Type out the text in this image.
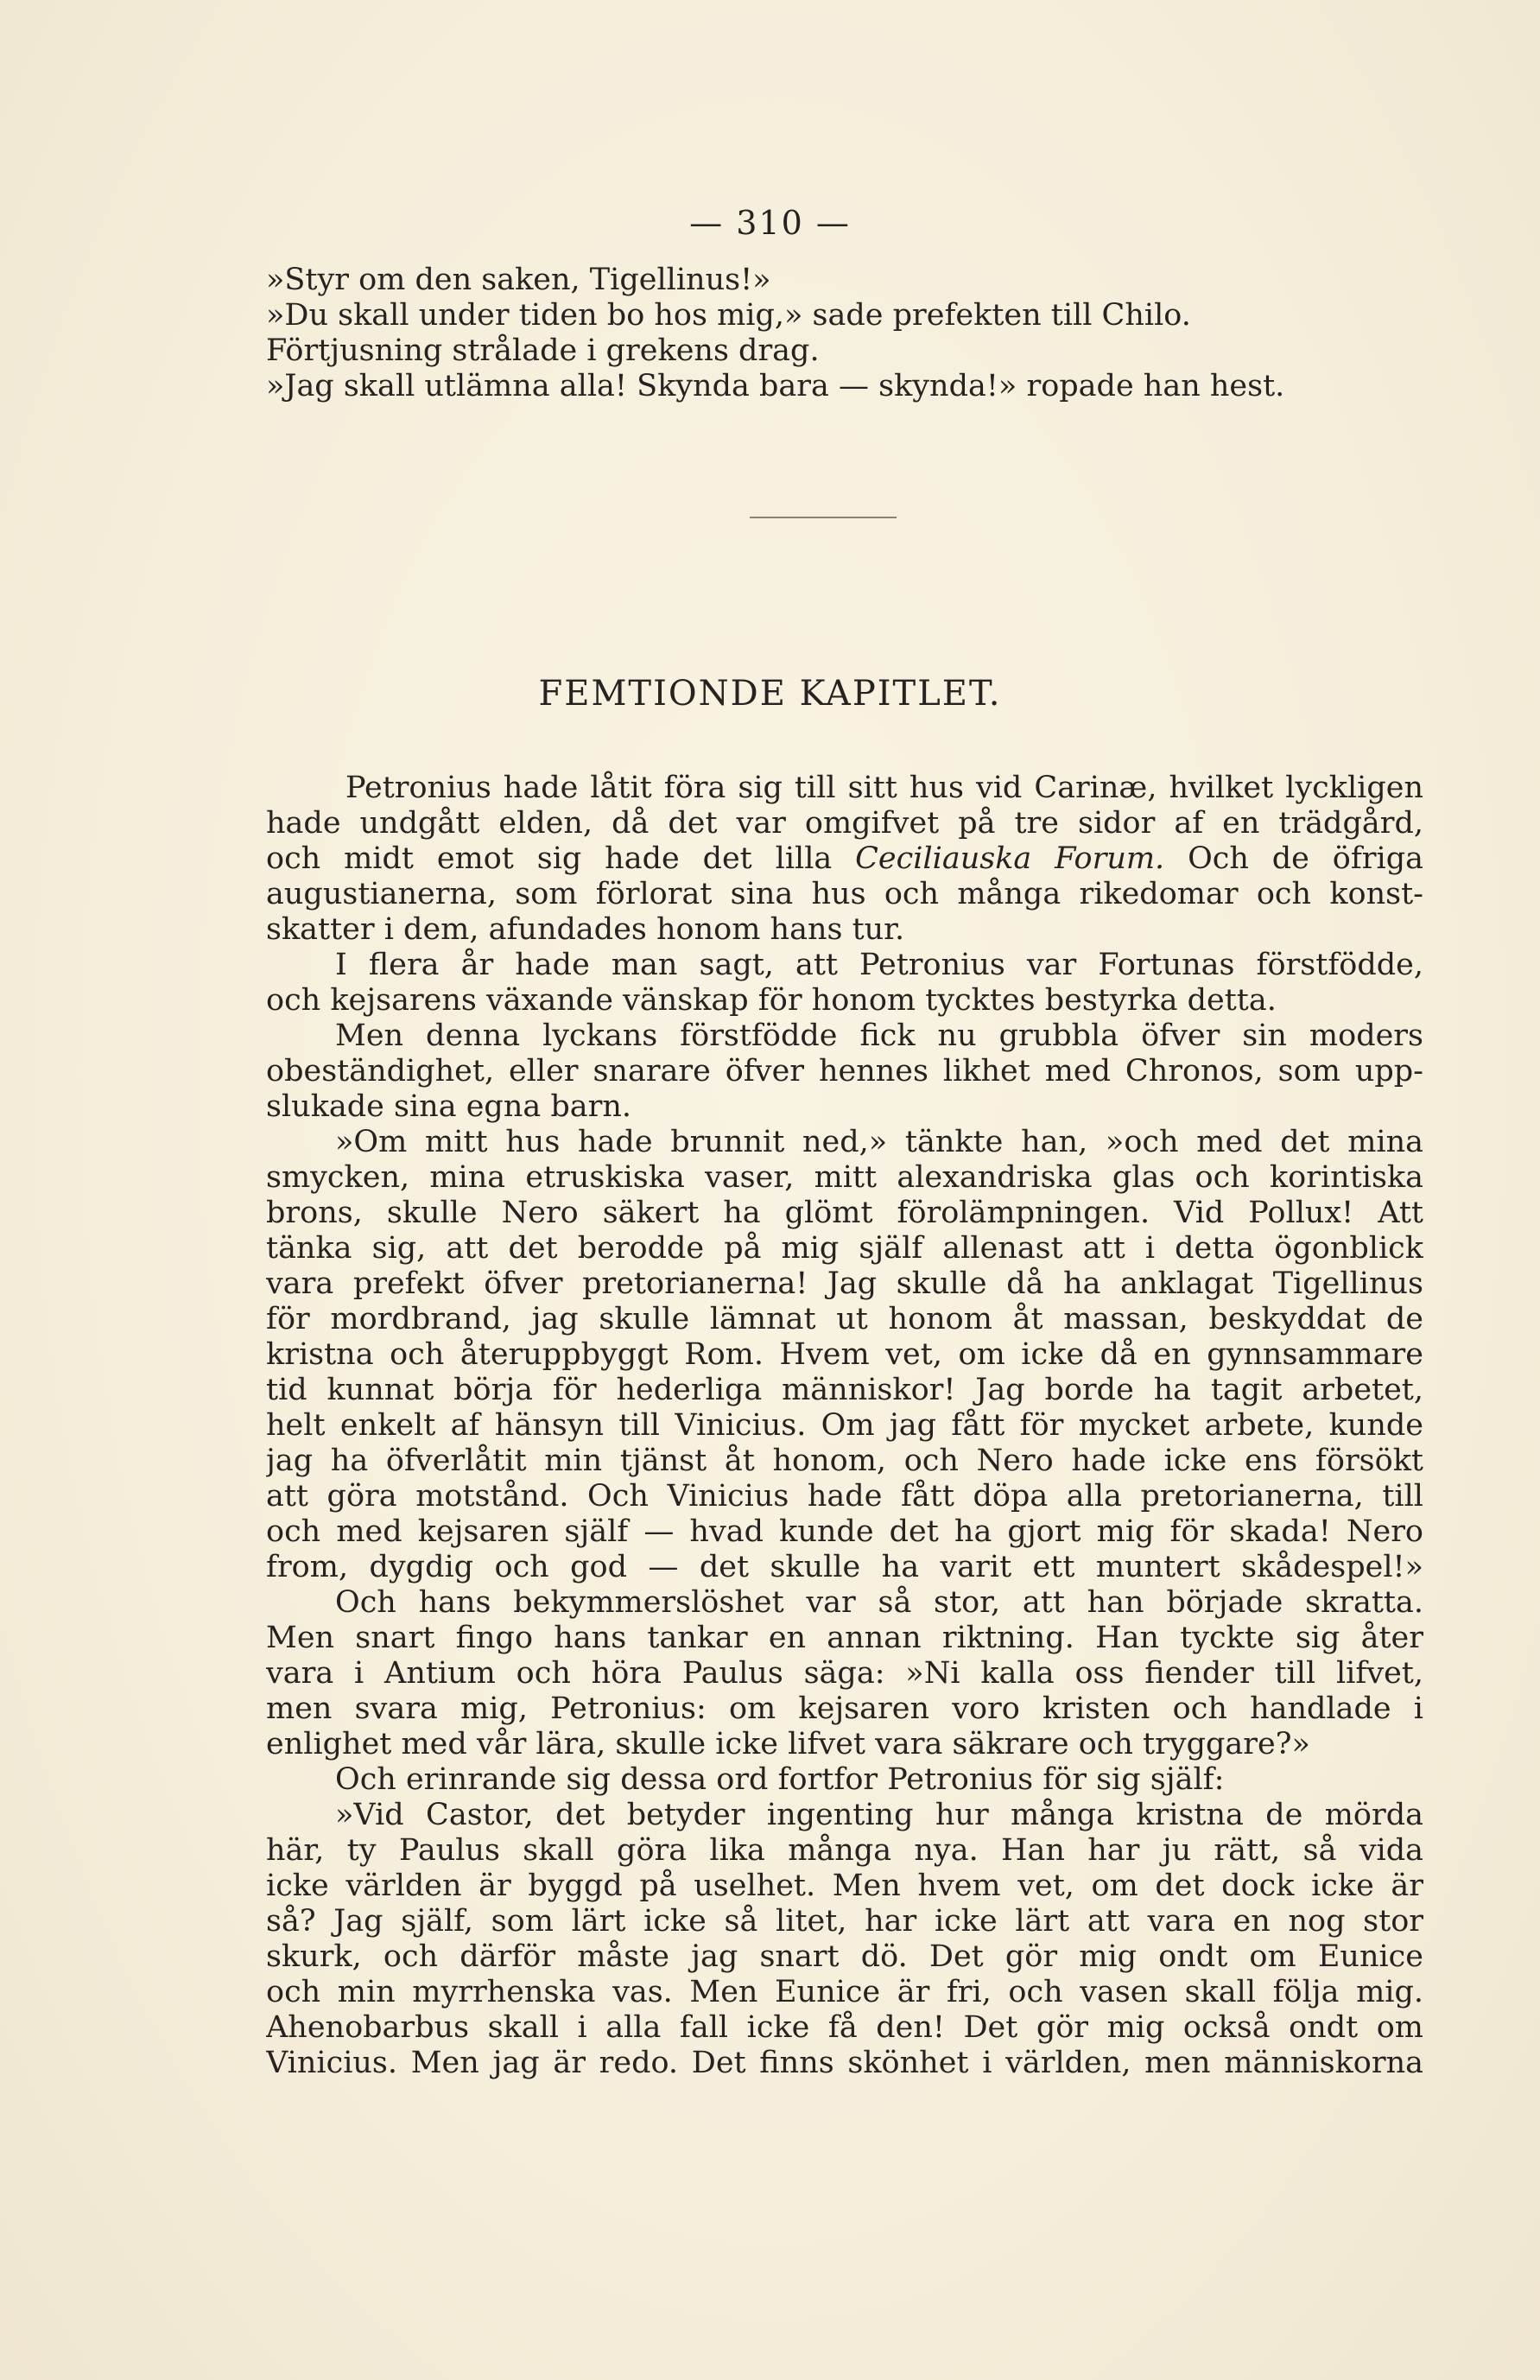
— 310 —
»Styr om den saken, Tigellinus!»
»Du skall under tiden bo hos mig,» sade prefekten till Chilo.
Förtjusning strålade i grekens drag.
»Jag skall utlämna alla! Skynda bara — skynda!» ropade han hest.
FEMTIONDE KAPITLET.
Petronius hade låtit föra sig till sitt hus vid Carinæ, hvilket lyckligen
hade undgått elden, då det var omgifvet på tre sidor af en trädgård,
och midt emot sig hade det lilla Ceciliauska Forum. Och de öfriga
augustianerna, som förlorat sina hus och många rikedomar och konst-
skatter i dem, afundades honom hans tur.
I flera år hade man sagt, att Petronius var Fortunas förstfödde,
och kejsarens växande vänskap för honom tycktes bestyrka detta.
Men denna lyckans förstfödde fick nu grubbla öfver sin moders
obeständighet, eller snarare öfver hennes likhet med Chronos, som upp-
slukade sina egna barn.
»Om mitt hus hade brunnit ned,» tänkte han, »och med det mina
smycken, mina etruskiska vaser, mitt alexandriska glas och korintiska
brons, skulle Nero säkert ha glömt förolämpningen. Vid Pollux! Att
tänka sig, att det berodde på mig själf allenast att i detta ögonblick
vara prefekt öfver pretorianerna! Jag skulle då ha anklagat Tigellinus
för mordbrand, jag skulle lämnat ut honom åt massan, beskyddat de
kristna och återuppbyggt Rom. Hvem vet, om icke då en gynnsammare
tid kunnat börja för hederliga människor! Jag borde ha tagit arbetet,
helt enkelt af hänsyn till Vinicius. Om jag fått för mycket arbete, kunde
jag ha öfverlåtit min tjänst åt honom, och Nero hade icke ens försökt
att göra motstånd. Och Vinicius hade fått döpa alla pretorianerna, till
och med kejsaren själf — hvad kunde det ha gjort mig för skada! Nero
from, dygdig och god — det skulle ha varit ett muntert skådespel!»
Och hans bekymmerslöshet var så stor, att han började skratta.
Men snart fingo hans tankar en annan riktning. Han tyckte sig åter
vara i Antium och höra Paulus säga: »Ni kalla oss fiender till lifvet,
men svara mig, Petronius: om kejsaren voro kristen och handlade i
enlighet med vår lära, skulle icke lifvet vara säkrare och tryggare?»
Och erinrande sig dessa ord fortfor Petronius för sig själf:
»Vid Castor, det betyder ingenting hur många kristna de mörda
här, ty Paulus skall göra lika många nya. Han har ju rätt, så vida
icke världen är byggd på uselhet. Men hvem vet, om det dock icke är
så? Jag själf, som lärt icke så litet, har icke lärt att vara en nog stor
skurk, och därför måste jag snart dö. Det gör mig ondt om Eunice
och min myrrhenska vas. Men Eunice är fri, och vasen skall följa mig.
Ahenobarbus skall i alla fall icke få den! Det gör mig också ondt om
Vinicius. Men jag är redo. Det finns skönhet i världen, men människorna
